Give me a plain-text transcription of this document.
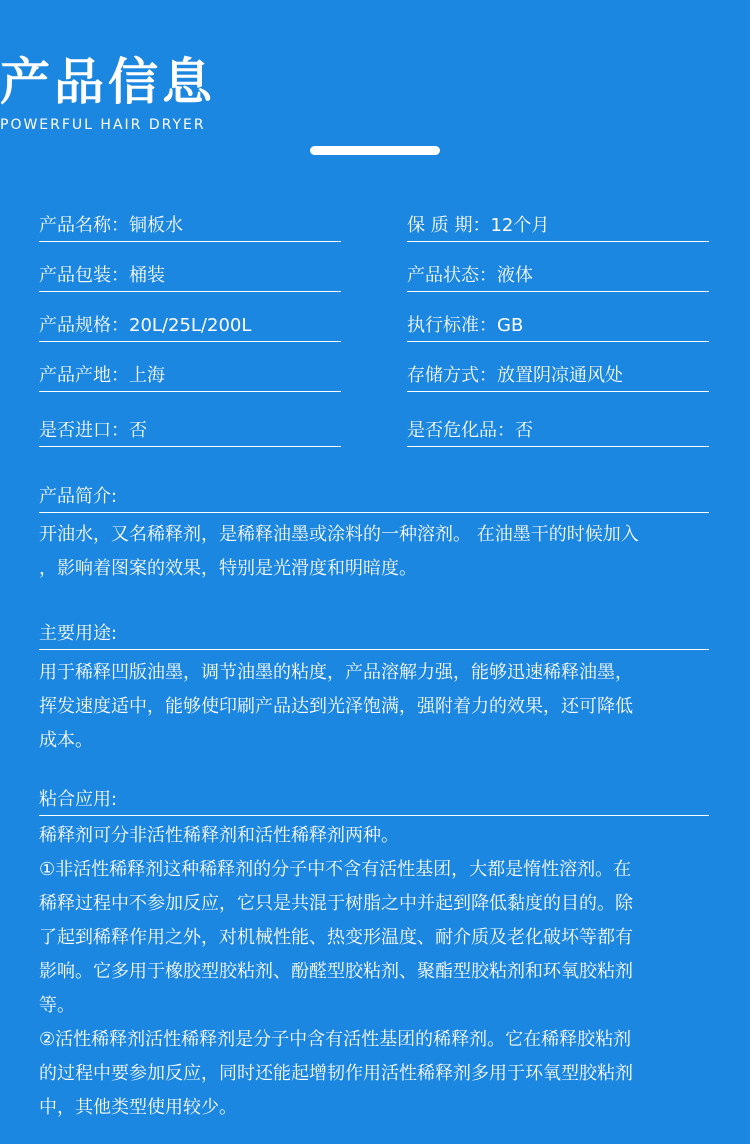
产品信息
POWERFUL HAIR DRYER
产品名称：铜板水	保 质 期：12个月
产品包装：桶装	产品状态：液体
产品规格：20L/25L/200L	执行标准：GB
产品产地：上海	存储方式：放置阴凉通风处
是否进口：否	是否危化品：否
产品简介:
开油水，又名稀释剂，是稀释油墨或涂料的一种溶剂。 在油墨干的时候加入
，影响着图案的效果，特别是光滑度和明暗度。
主要用途:
用于稀释凹版油墨，调节油墨的粘度，产品溶解力强，能够迅速稀释油墨，
挥发速度适中，能够使印刷产品达到光泽饱满，强附着力的效果，还可降低
成本。
粘合应用:
稀释剂可分非活性稀释剂和活性稀释剂两种。
①非活性稀释剂这种稀释剂的分子中不含有活性基团，大都是惰性溶剂。在
稀释过程中不参加反应，它只是共混于树脂之中并起到降低黏度的目的。除
了起到稀释作用之外，对机械性能、热变形温度、耐介质及老化破坏等都有
影响。它多用于橡胶型胶粘剂、酚醛型胶粘剂、聚酯型胶粘剂和环氧胶粘剂
等。
②活性稀释剂活性稀释剂是分子中含有活性基团的稀释剂。它在稀释胶粘剂
的过程中要参加反应，同时还能起增韧作用活性稀释剂多用于环氧型胶粘剂
中，其他类型使用较少。
